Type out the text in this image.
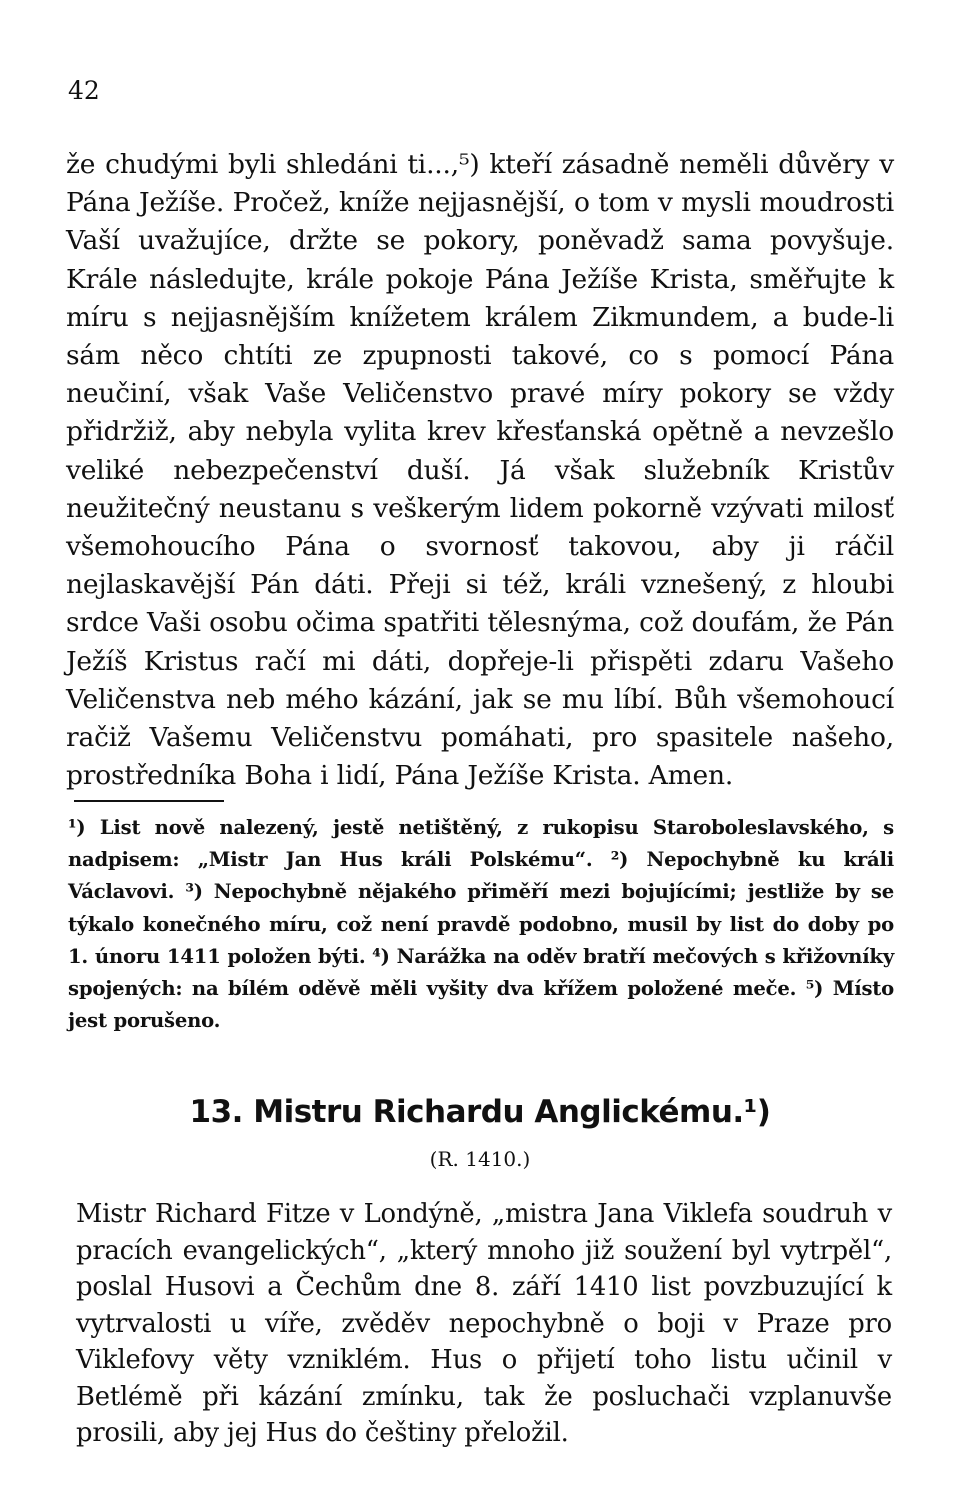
42
že chudými byli shledáni ti...,⁵) kteří zásadně neměli důvěry v Pána Ježíše. Pročež, kníže nejjasnější, o tom v mysli moudrosti Vaší uvažujíce, držte se pokory, poněvadž sama povyšuje. Krále následujte, krále pokoje Pána Ježíše Krista, směřujte k míru s nejjasnějším knížetem králem Zikmundem, a bude-li sám něco chtíti ze zpupnosti takové, co s pomocí Pána neučiní, však Vaše Veličenstvo pravé míry pokory se vždy přidržiž, aby nebyla vylita krev křesťanská opětně a nevzešlo veliké nebezpečenství duší. Já však služebník Kristův neužitečný neustanu s veškerým lidem pokorně vzývati milosť všemohoucího Pána o svornosť takovou, aby ji ráčil nejlaskavější Pán dáti. Přeji si též, králi vznešený, z hloubi srdce Vaši osobu očima spatřiti tělesnýma, což doufám, že Pán Ježíš Kristus račí mi dáti, dopřeje-li přispěti zdaru Vašeho Veličenstva neb mého kázání, jak se mu líbí. Bůh všemohoucí račiž Vašemu Veličenstvu pomáhati, pro spasitele našeho, prostředníka Boha i lidí, Pána Ježíše Krista. Amen.
¹) List nově nalezený, jestě netištěný, z rukopisu Staroboleslavského, s nadpisem: „Mistr Jan Hus králi Polskému“. ²) Nepochybně ku králi Václavovi. ³) Nepochybně nějakého přiměří mezi bojujícími; jestliže by se týkalo konečného míru, což není pravdě podobno, musil by list do doby po 1. únoru 1411 položen býti. ⁴) Narážka na oděv bratří mečových s křižovníky spojených: na bílém oděvě měli vyšity dva křížem položené meče. ⁵) Místo jest porušeno.
13. Mistru Richardu Anglickému.¹)
(R. 1410.)
Mistr Richard Fitze v Londýně, „mistra Jana Viklefa soudruh v pracích evangelických“, „který mnoho již soužení byl vytrpěl“, poslal Husovi a Čechům dne 8. září 1410 list povzbuzující k vytrvalosti u víře, zvěděv nepochybně o boji v Praze pro Viklefovy věty vzniklém. Hus o přijetí toho listu učinil v Betlémě při kázání zmínku, tak že posluchači vzplanuvše prosili, aby jej Hus do češtiny přeložil.
